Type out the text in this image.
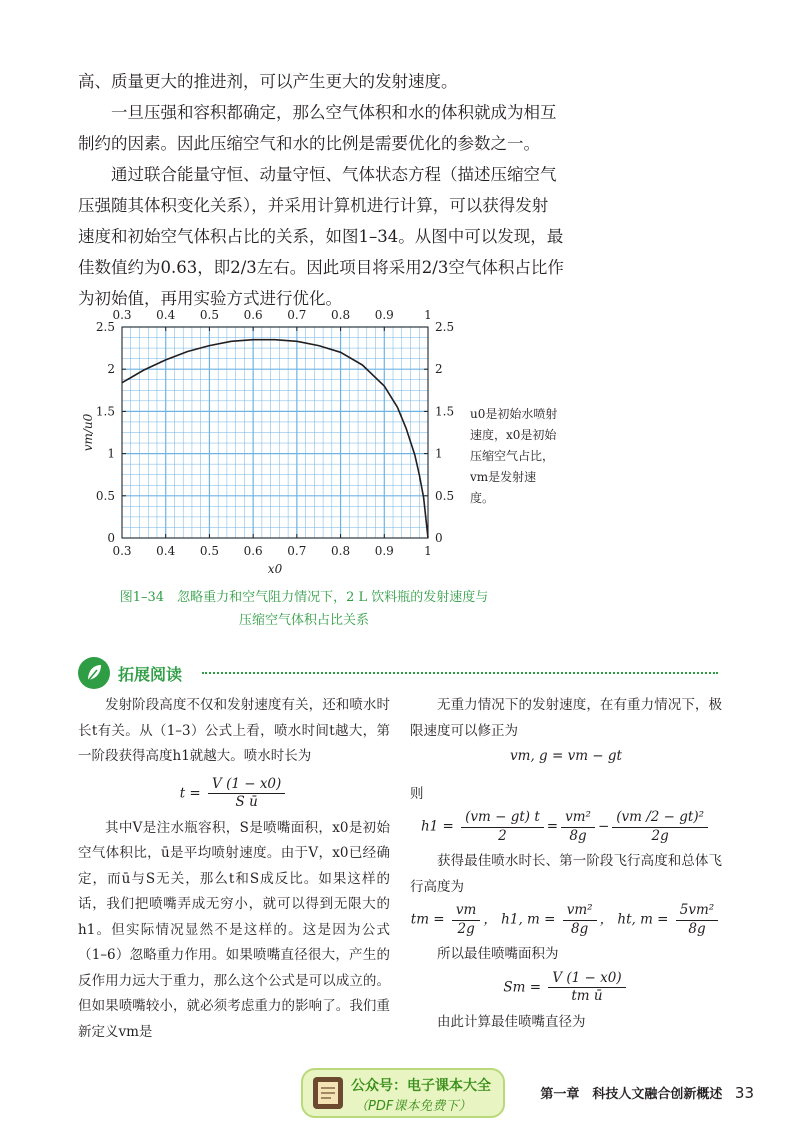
高、质量更大的推进剂，可以产生更大的发射速度。

一旦压强和容积都确定，那么空气体积和水的体积就成为相互制约的因素。因此压缩空气和水的比例是需要优化的参数之一。

通过联合能量守恒、动量守恒、气体状态方程（描述压缩空气压强随其体积变化关系），并采用计算机进行计算，可以获得发射速度和初始空气体积占比的关系，如图1–34。从图中可以发现，最佳数值约为0.63，即2/3左右。因此项目将采用2/3空气体积占比作为初始值，再用实验方式进行优化。

0.3
0.3
0.4
0.4
0.5
0.5
0.6
0.6
0.7
0.7
0.8
0.8
0.9
0.9
1
1
0	0
0.5	0.5
1	1
1.5	1.5
2	2
2.5	2.5
x0
vm/u0	u0是初始水喷射速度，x0是初始压缩空气占比，vm是发射速度。
图1–34　忽略重力和空气阻力情况下，2 L 饮料瓶的发射速度与
压缩空气体积占比关系
拓展阅读

发射阶段高度不仅和发射速度有关，还和喷水时长t有关。从（1–3）公式上看，喷水时间t越大，第一阶段获得高度h1就越大。喷水时长为

$t = \frac{V (1 - x0)}{\text{S ū}}$

其中V是注水瓶容积，S是喷嘴面积，x0是初始空气体积比，ū是平均喷射速度。由于V，x0已经确定，而ū与S无关，那么t和S成反比。如果这样的话，我们把喷嘴弄成无穷小，就可以得到无限大的h1。但实际情况显然不是这样的。这是因为公式（1–6）忽略重力作用。如果喷嘴直径很大，产生的反作用力远大于重力，那么这个公式是可以成立的。但如果喷嘴较小，就必须考虑重力的影响了。我们重新定义vm是

无重力情况下的发射速度，在有重力情况下，极限速度可以修正为

vm, g = vm − gt

则

$h1 = \frac{(vm - gt) t}{2} = \frac{\text{vm²}}{8g} - \frac{\text{(vm /2 − gt)²}}{2g}$

获得最佳喷水时长、第一阶段飞行高度和总体飞行高度为

tm = $\frac{vm}{2g}$ ， h1, $m = \frac{\text{vm²}}{8g}$ ， ht, $m = \frac{\text{5vm²}}{8g}$

所以最佳喷嘴面积为

$Sm = \frac{V (1 - x0)}{\text{tm ū}}$

由此计算最佳喷嘴直径为

公众号：电子课本大全
（PDF课本免费下）
第一章　科技人文融合创新概述 33
